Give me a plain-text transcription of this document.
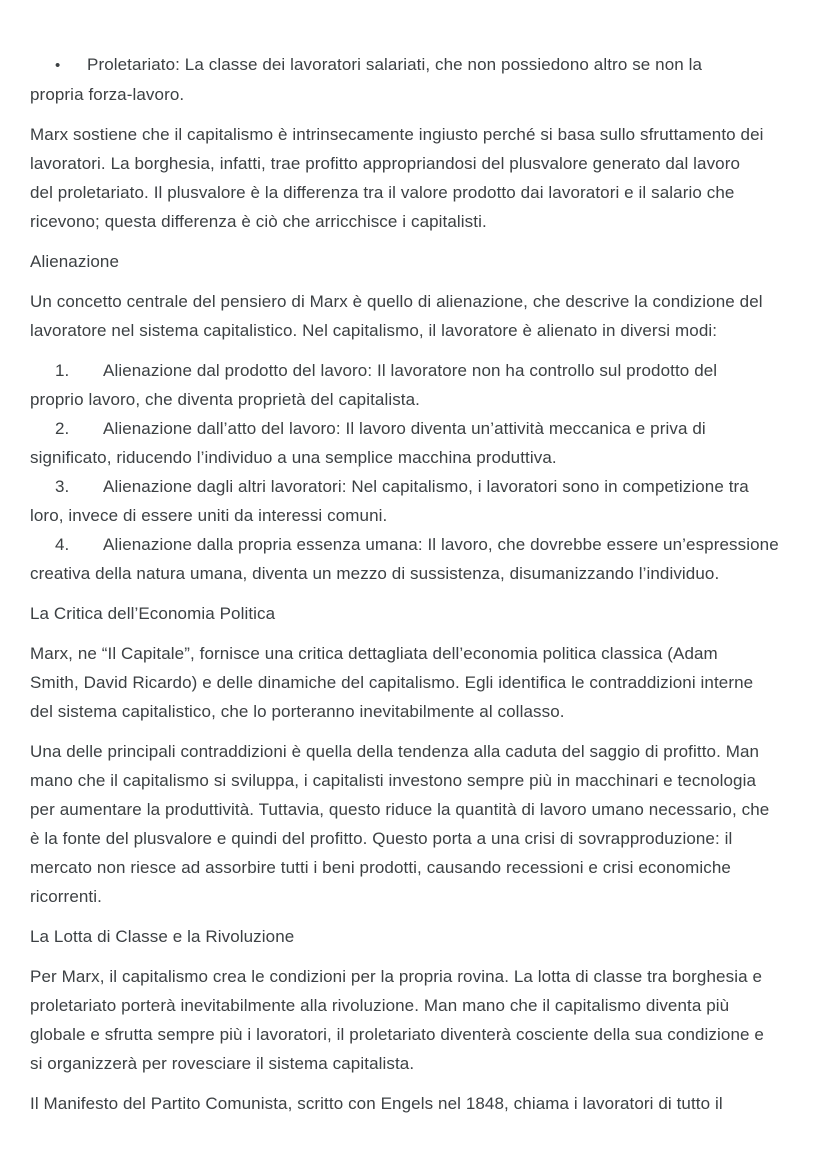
• Proletariato: La classe dei lavoratori salariati, che non possiedono altro se non la
propria forza-lavoro.
Marx sostiene che il capitalismo è intrinsecamente ingiusto perché si basa sullo sfruttamento dei
lavoratori. La borghesia, infatti, trae profitto appropriandosi del plusvalore generato dal lavoro
del proletariato. Il plusvalore è la differenza tra il valore prodotto dai lavoratori e il salario che
ricevono; questa differenza è ciò che arricchisce i capitalisti.
Alienazione
Un concetto centrale del pensiero di Marx è quello di alienazione, che descrive la condizione del
lavoratore nel sistema capitalistico. Nel capitalismo, il lavoratore è alienato in diversi modi:
1. Alienazione dal prodotto del lavoro: Il lavoratore non ha controllo sul prodotto del
proprio lavoro, che diventa proprietà del capitalista.
2. Alienazione dall’atto del lavoro: Il lavoro diventa un’attività meccanica e priva di
significato, riducendo l’individuo a una semplice macchina produttiva.
3. Alienazione dagli altri lavoratori: Nel capitalismo, i lavoratori sono in competizione tra
loro, invece di essere uniti da interessi comuni.
4. Alienazione dalla propria essenza umana: Il lavoro, che dovrebbe essere un’espressione
creativa della natura umana, diventa un mezzo di sussistenza, disumanizzando l’individuo.
La Critica dell’Economia Politica
Marx, ne “Il Capitale”, fornisce una critica dettagliata dell’economia politica classica (Adam
Smith, David Ricardo) e delle dinamiche del capitalismo. Egli identifica le contraddizioni interne
del sistema capitalistico, che lo porteranno inevitabilmente al collasso.
Una delle principali contraddizioni è quella della tendenza alla caduta del saggio di profitto. Man
mano che il capitalismo si sviluppa, i capitalisti investono sempre più in macchinari e tecnologia
per aumentare la produttività. Tuttavia, questo riduce la quantità di lavoro umano necessario, che
è la fonte del plusvalore e quindi del profitto. Questo porta a una crisi di sovrapproduzione: il
mercato non riesce ad assorbire tutti i beni prodotti, causando recessioni e crisi economiche
ricorrenti.
La Lotta di Classe e la Rivoluzione
Per Marx, il capitalismo crea le condizioni per la propria rovina. La lotta di classe tra borghesia e
proletariato porterà inevitabilmente alla rivoluzione. Man mano che il capitalismo diventa più
globale e sfrutta sempre più i lavoratori, il proletariato diventerà cosciente della sua condizione e
si organizzerà per rovesciare il sistema capitalista.
Il Manifesto del Partito Comunista, scritto con Engels nel 1848, chiama i lavoratori di tutto il
